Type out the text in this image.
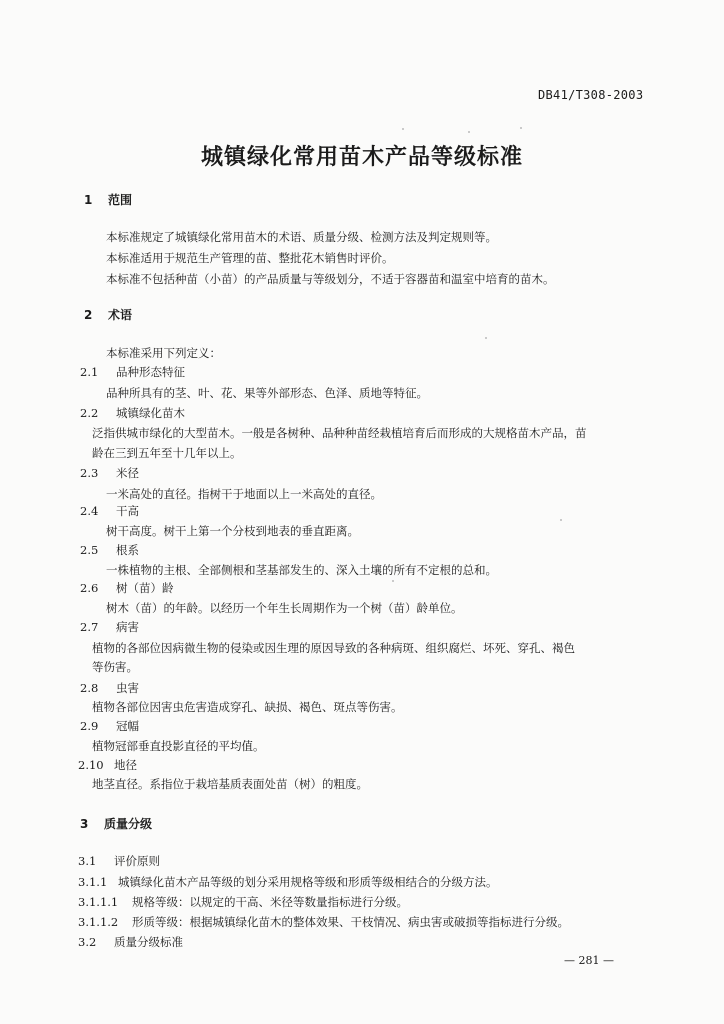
DB41/T308-2003
城镇绿化常用苗木产品等级标准
1 范围
本标准规定了城镇绿化常用苗木的术语、质量分级、检测方法及判定规则等。
本标准适用于规范生产管理的苗、整批花木销售时评价。
本标准不包括种苗（小苗）的产品质量与等级划分，不适于容器苗和温室中培育的苗木。
2 术语
本标准采用下列定义：
2.1 品种形态特征
品种所具有的茎、叶、花、果等外部形态、色泽、质地等特征。
2.2 城镇绿化苗木
泛指供城市绿化的大型苗木。一般是各树种、品种种苗经栽植培育后而形成的大规格苗木产品，苗
龄在三到五年至十几年以上。
2.3 米径
一米高处的直径。指树干于地面以上一米高处的直径。
2.4 干高
树干高度。树干上第一个分枝到地表的垂直距离。
2.5 根系
一株植物的主根、全部侧根和茎基部发生的、深入土壤的所有不定根的总和。
2.6 树（苗）龄
树木（苗）的年龄。以经历一个年生长周期作为一个树（苗）龄单位。
2.7 病害
植物的各部位因病微生物的侵染或因生理的原因导致的各种病斑、组织腐烂、坏死、穿孔、褐色
等伤害。
2.8 虫害
植物各部位因害虫危害造成穿孔、缺损、褐色、斑点等伤害。
2.9 冠幅
植物冠部垂直投影直径的平均值。
2.10 地径
地茎直径。系指位于栽培基质表面处苗（树）的粗度。
3 质量分级
3.1 评价原则
3.1.1 城镇绿化苗木产品等级的划分采用规格等级和形质等级相结合的分级方法。
3.1.1.1 规格等级：以规定的干高、米径等数量指标进行分级。
3.1.1.2 形质等级：根据城镇绿化苗木的整体效果、干枝情况、病虫害或破损等指标进行分级。
3.2 质量分级标准
— 281 —
